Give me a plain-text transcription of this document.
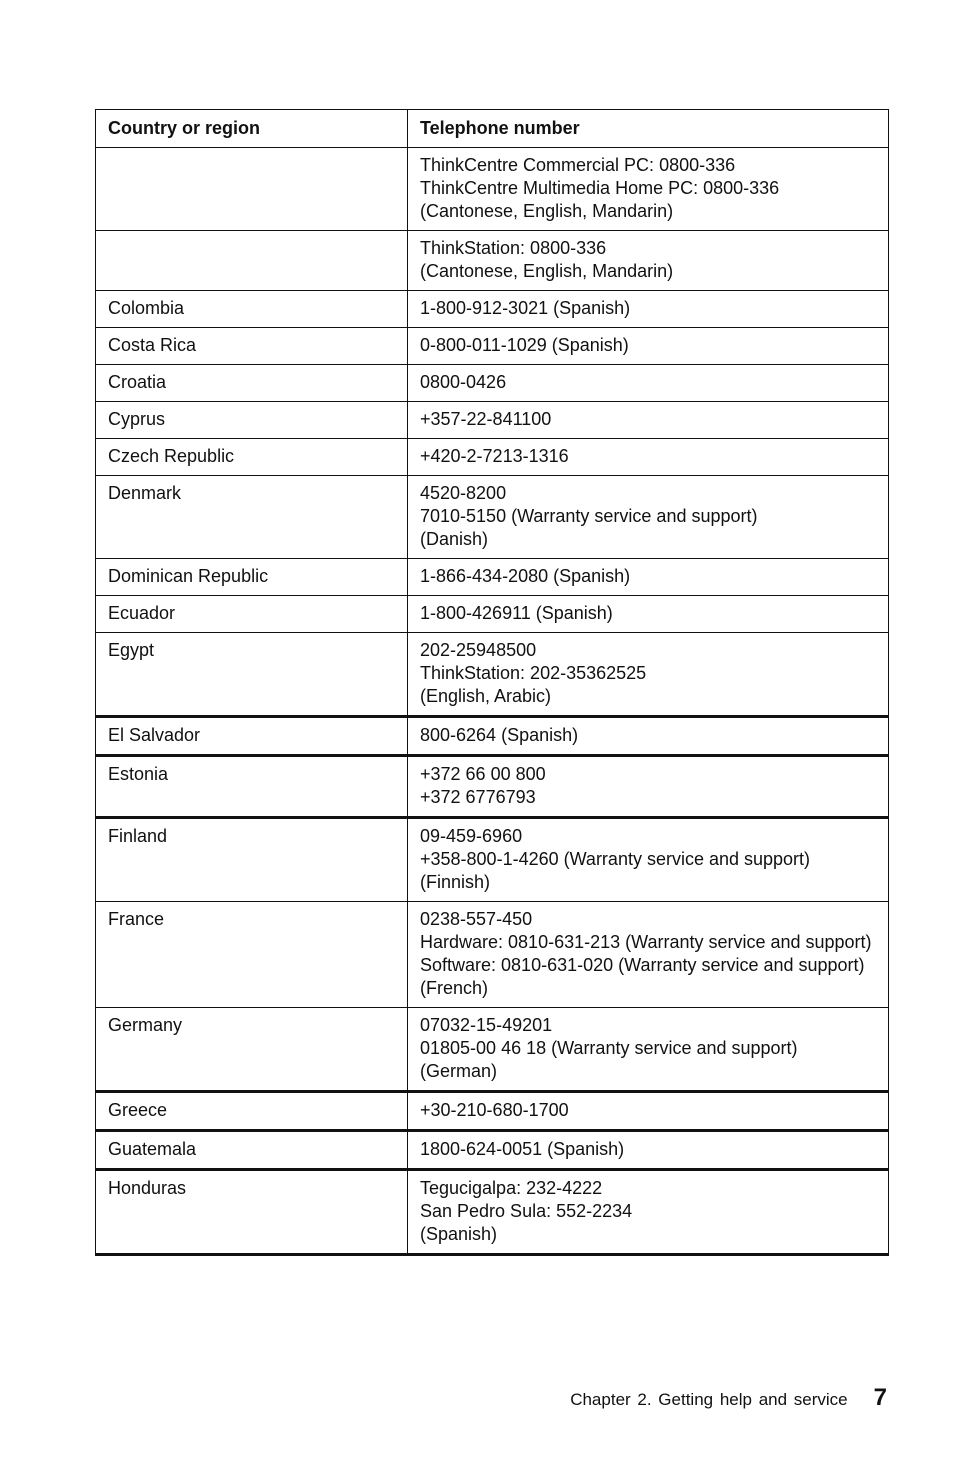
Country or region	Telephone number

	ThinkCentre Commercial PC: 0800-336
ThinkCentre Multimedia Home PC: 0800-336
(Cantonese, English, Mandarin)

	ThinkStation: 0800-336
(Cantonese, English, Mandarin)

Colombia	1-800-912-3021 (Spanish)

Costa Rica	0-800-011-1029 (Spanish)

Croatia	0800-0426

Cyprus	+357-22-841100

Czech Republic	+420-2-7213-1316

Denmark	4520-8200
7010-5150 (Warranty service and support)
(Danish)

Dominican Republic	1-866-434-2080 (Spanish)

Ecuador	1-800-426911 (Spanish)

Egypt	202-25948500
ThinkStation: 202-35362525
(English, Arabic)

El Salvador	800-6264 (Spanish)

Estonia	+372 66 00 800
+372 6776793

Finland	09-459-6960
+358-800-1-4260 (Warranty service and support)
(Finnish)

France	0238-557-450
Hardware: 0810-631-213 (Warranty service and support)
Software: 0810-631-020 (Warranty service and support)
(French)

Germany	07032-15-49201
01805-00 46 18 (Warranty service and support)
(German)

Greece	+30-210-680-1700

Guatemala	1800-624-0051 (Spanish)

Honduras	Tegucigalpa: 232-4222
San Pedro Sula: 552-2234
(Spanish)
Chapter 2. Getting help and service 7
